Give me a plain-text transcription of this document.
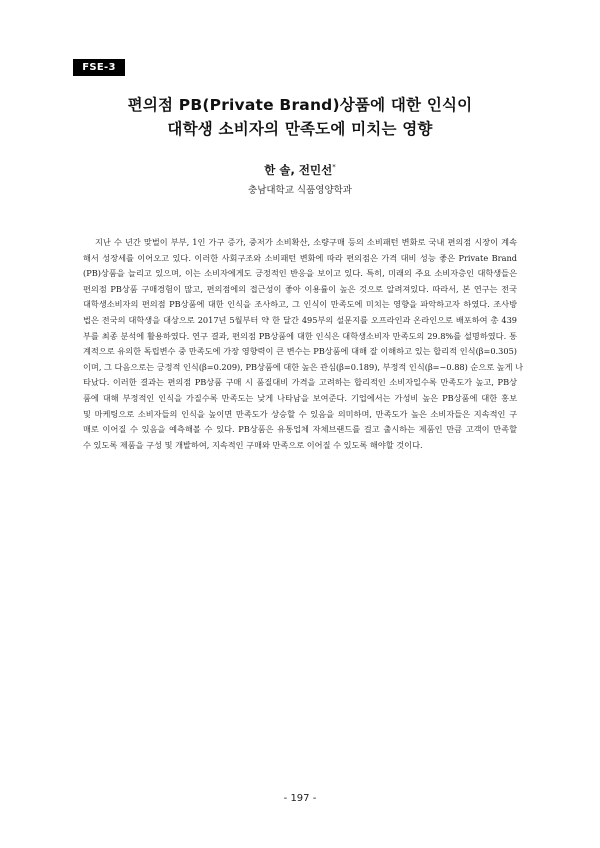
FSE-3
편의점 PB(Private Brand)상품에 대한 인식이
대학생 소비자의 만족도에 미치는 영향
한 솔, 전민선*
충남대학교 식품영양학과
지난 수 년간 맞벌이 부부, 1인 가구 증가, 중저가 소비확산, 소량구매 등의 소비패턴 변화로 국내 편의점 시장이 계속
해서 성장세를 이어오고 있다. 이러한 사회구조와 소비패턴 변화에 따라 편의점은 가격 대비 성능 좋은 Private Brand
(PB)상품을 늘리고 있으며, 이는 소비자에게도 긍정적인 반응을 보이고 있다. 특히, 미래의 주요 소비자층인 대학생들은
편의점 PB상품 구매경험이 많고, 편의점에의 접근성이 좋아 이용률이 높은 것으로 알려져있다. 따라서, 본 연구는 전국
대학생소비자의 편의점 PB상품에 대한 인식을 조사하고, 그 인식이 만족도에 미치는 영향을 파악하고자 하였다. 조사방
법은 전국의 대학생을 대상으로 2017년 5월부터 약 한 달간 495부의 설문지를 오프라인과 온라인으로 배포하여 총 439
부를 최종 분석에 활용하였다. 연구 결과, 편의점 PB상품에 대한 인식은 대학생소비자 만족도의 29.8%를 설명하였다. 통
계적으로 유의한 독립변수 중 만족도에 가장 영향력이 큰 변수는 PB상품에 대해 잘 이해하고 있는 합리적 인식(β=0.305)
이며, 그 다음으로는 긍정적 인식(β=0.209), PB상품에 대한 높은 관심(β=0.189), 부정적 인식(β=−0.88) 순으로 높게 나
타났다. 이러한 결과는 편의점 PB상품 구매 시 품질대비 가격을 고려하는 합리적인 소비자일수록 만족도가 높고, PB상
품에 대해 부정적인 인식을 가질수록 만족도는 낮게 나타남을 보여준다. 기업에서는 가성비 높은 PB상품에 대한 홍보
및 마케팅으로 소비자들의 인식을 높이면 만족도가 상승할 수 있음을 의미하며, 만족도가 높은 소비자들은 지속적인 구
매로 이어질 수 있음을 예측해볼 수 있다. PB상품은 유통업체 자체브랜드를 걸고 출시하는 제품인 만큼 고객이 만족할
수 있도록 제품을 구성 및 개발하여, 지속적인 구매와 만족으로 이어질 수 있도록 해야할 것이다.
- 197 -
